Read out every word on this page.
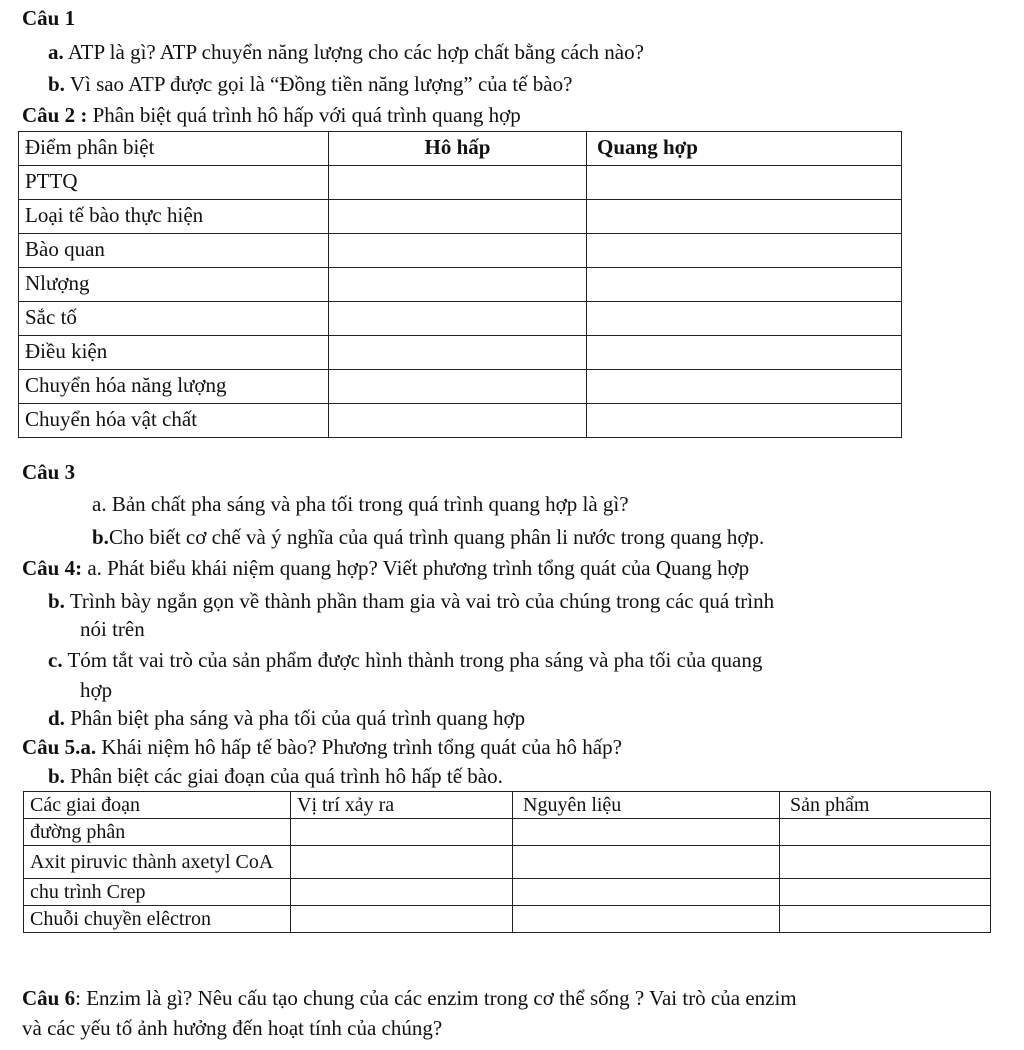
Câu 1
a. ATP là gì? ATP chuyển năng lượng cho các hợp chất bằng cách nào?
b. Vì sao ATP được gọi là “Đồng tiền năng lượng” của tế bào?
Câu 2 : Phân biệt quá trình hô hấp với quá trình quang hợp
Điểm phân biệt	Hô hấp	Quang hợp
PTTQ		
Loại tế bào thực hiện		
Bào quan		
Nlượng		
Sắc tố		
Điều kiện		
Chuyển hóa năng lượng		
Chuyển hóa vật chất		
Câu 3
a. Bản chất pha sáng và pha tối trong quá trình quang hợp là gì?
b.Cho biết cơ chế và ý nghĩa của quá trình quang phân li nước trong quang hợp.
Câu 4: a. Phát biểu khái niệm quang hợp? Viết phương trình tổng quát của Quang hợp
b. Trình bày ngắn gọn về thành phần tham gia và vai trò của chúng trong các quá trình
nói trên
c. Tóm tắt vai trò của sản phẩm được hình thành trong pha sáng và pha tối của quang
hợp
d. Phân biệt pha sáng và pha tối của quá trình quang hợp
Câu 5.a. Khái niệm hô hấp tế bào? Phương trình tổng quát của hô hấp?
b. Phân biệt các giai đoạn của quá trình hô hấp tế bào.
Các giai đoạn	Vị trí xảy ra	Nguyên liệu	Sản phẩm
đường phân			
Axit piruvic thành axetyl CoA			
chu trình Crep			
Chuỗi chuyền elêctron			
Câu 6: Enzim là gì? Nêu cấu tạo chung của các enzim trong cơ thể sống ? Vai trò của enzim
và các yếu tố ảnh hưởng đến hoạt tính của chúng?
